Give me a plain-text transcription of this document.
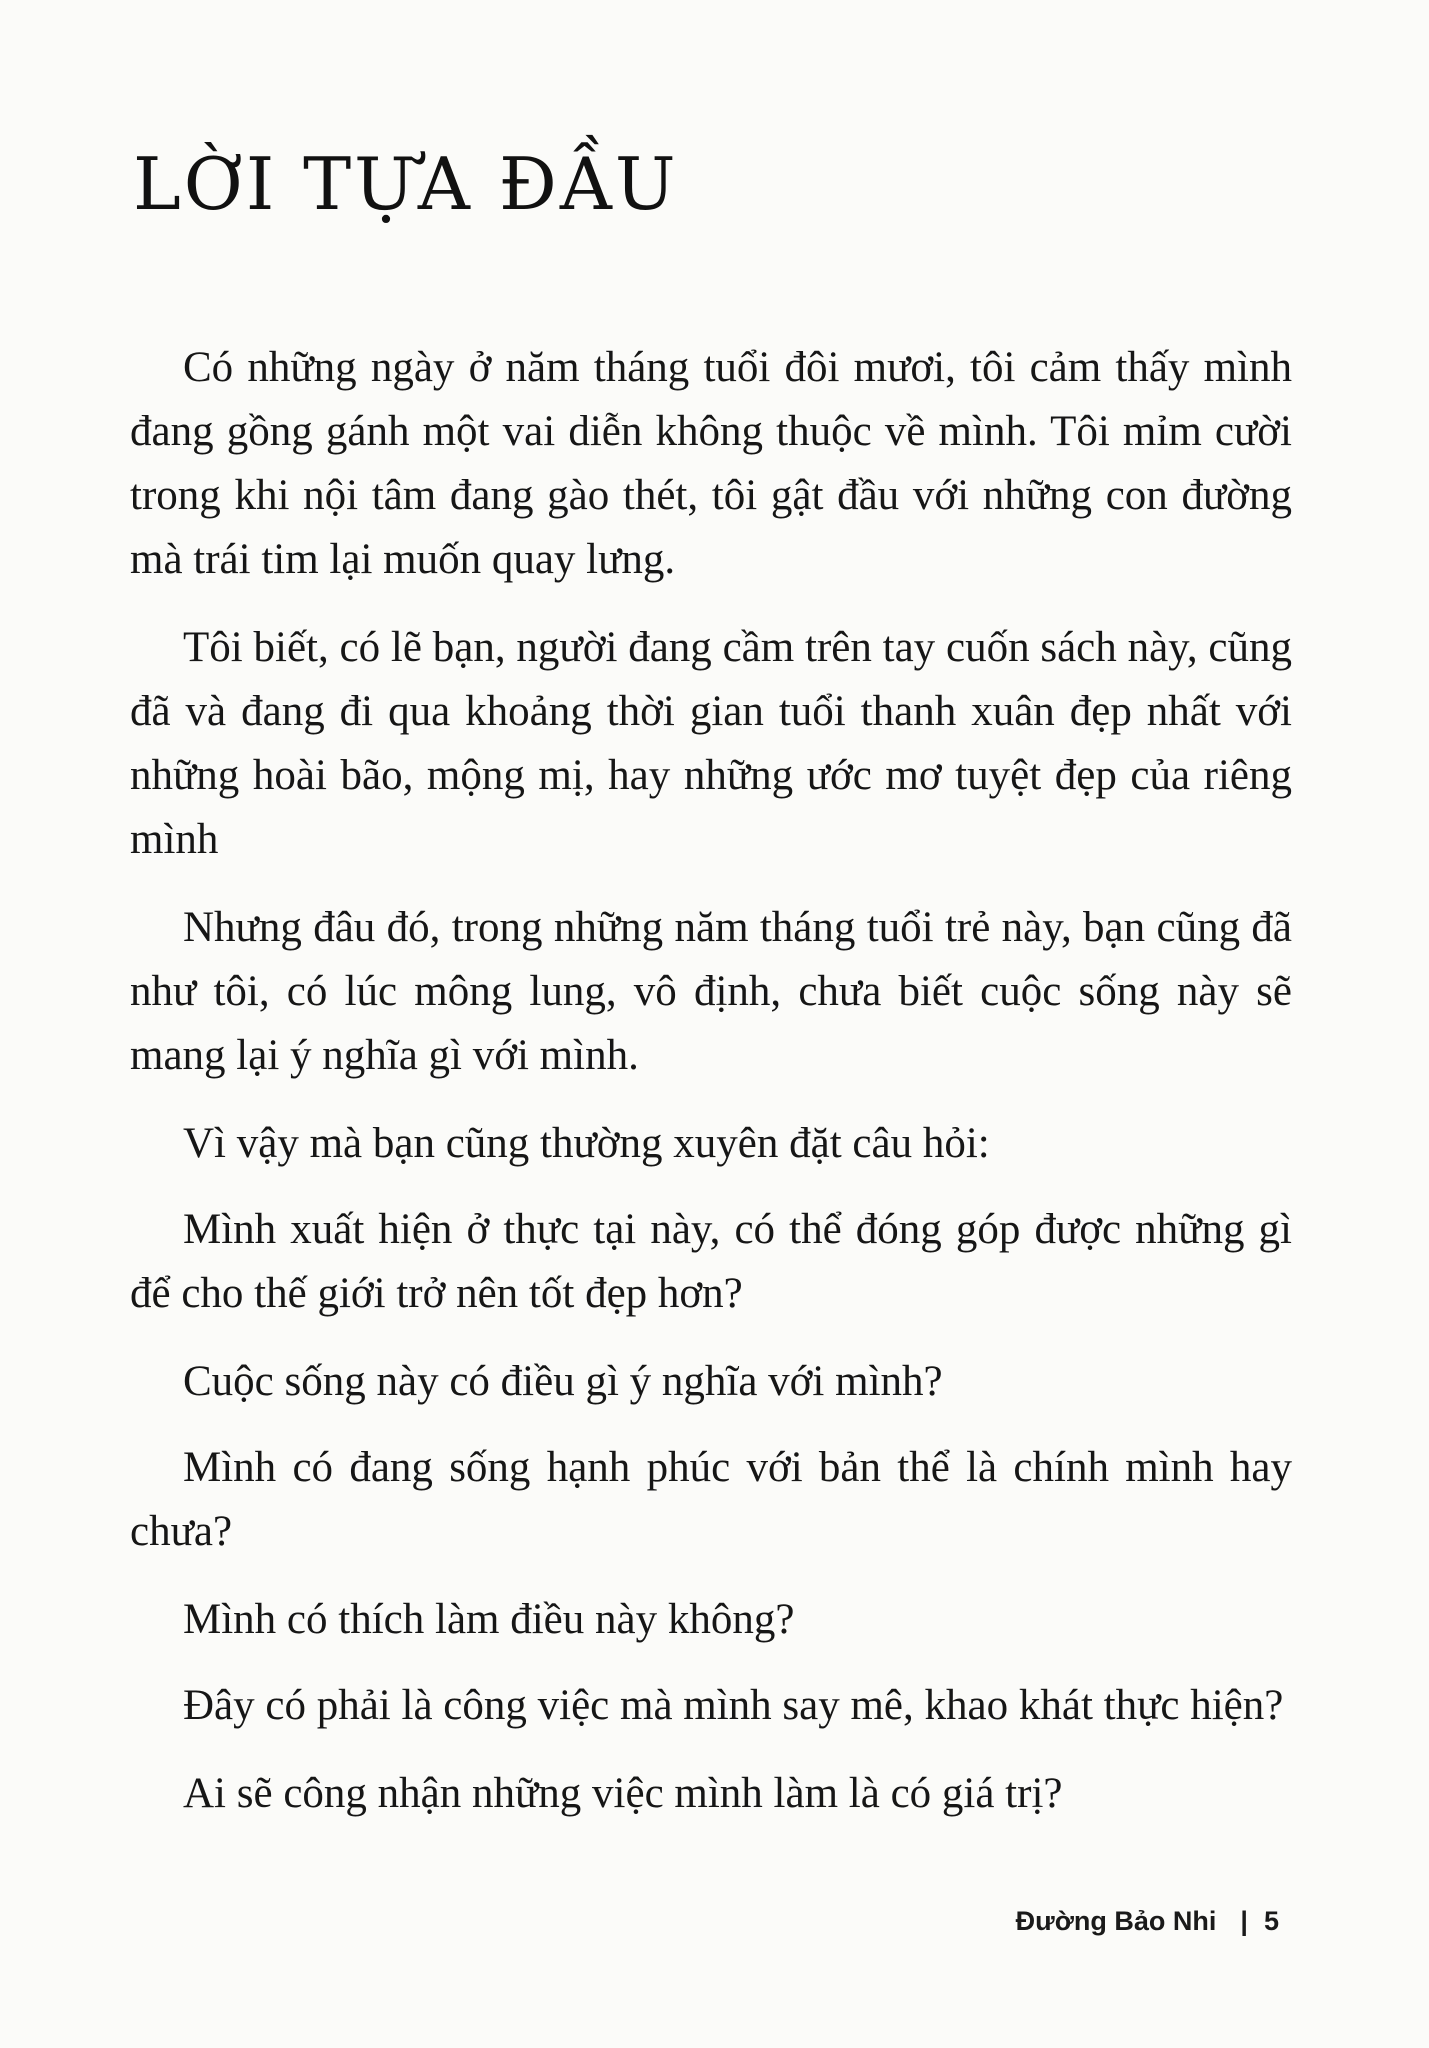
LỜI TỰA ĐẦU

Có những ngày ở năm tháng tuổi đôi mươi, tôi cảm thấy mình đang gồng gánh một vai diễn không thuộc về mình. Tôi mỉm cười trong khi nội tâm đang gào thét, tôi gật đầu với những con đường mà trái tim lại muốn quay lưng.

Tôi biết, có lẽ bạn, người đang cầm trên tay cuốn sách này, cũng đã và đang đi qua khoảng thời gian tuổi thanh xuân đẹp nhất với những hoài bão, mộng mị, hay những ước mơ tuyệt đẹp của riêng mình

Nhưng đâu đó, trong những năm tháng tuổi trẻ này, bạn cũng đã như tôi, có lúc mông lung, vô định, chưa biết cuộc sống này sẽ mang lại ý nghĩa gì với mình.

Vì vậy mà bạn cũng thường xuyên đặt câu hỏi:

Mình xuất hiện ở thực tại này, có thể đóng góp được những gì để cho thế giới trở nên tốt đẹp hơn?

Cuộc sống này có điều gì ý nghĩa với mình?

Mình có đang sống hạnh phúc với bản thể là chính mình hay chưa?

Mình có thích làm điều này không?

Đây có phải là công việc mà mình say mê, khao khát thực hiện?

Ai sẽ công nhận những việc mình làm là có giá trị?

Đường Bảo Nhi | 5
